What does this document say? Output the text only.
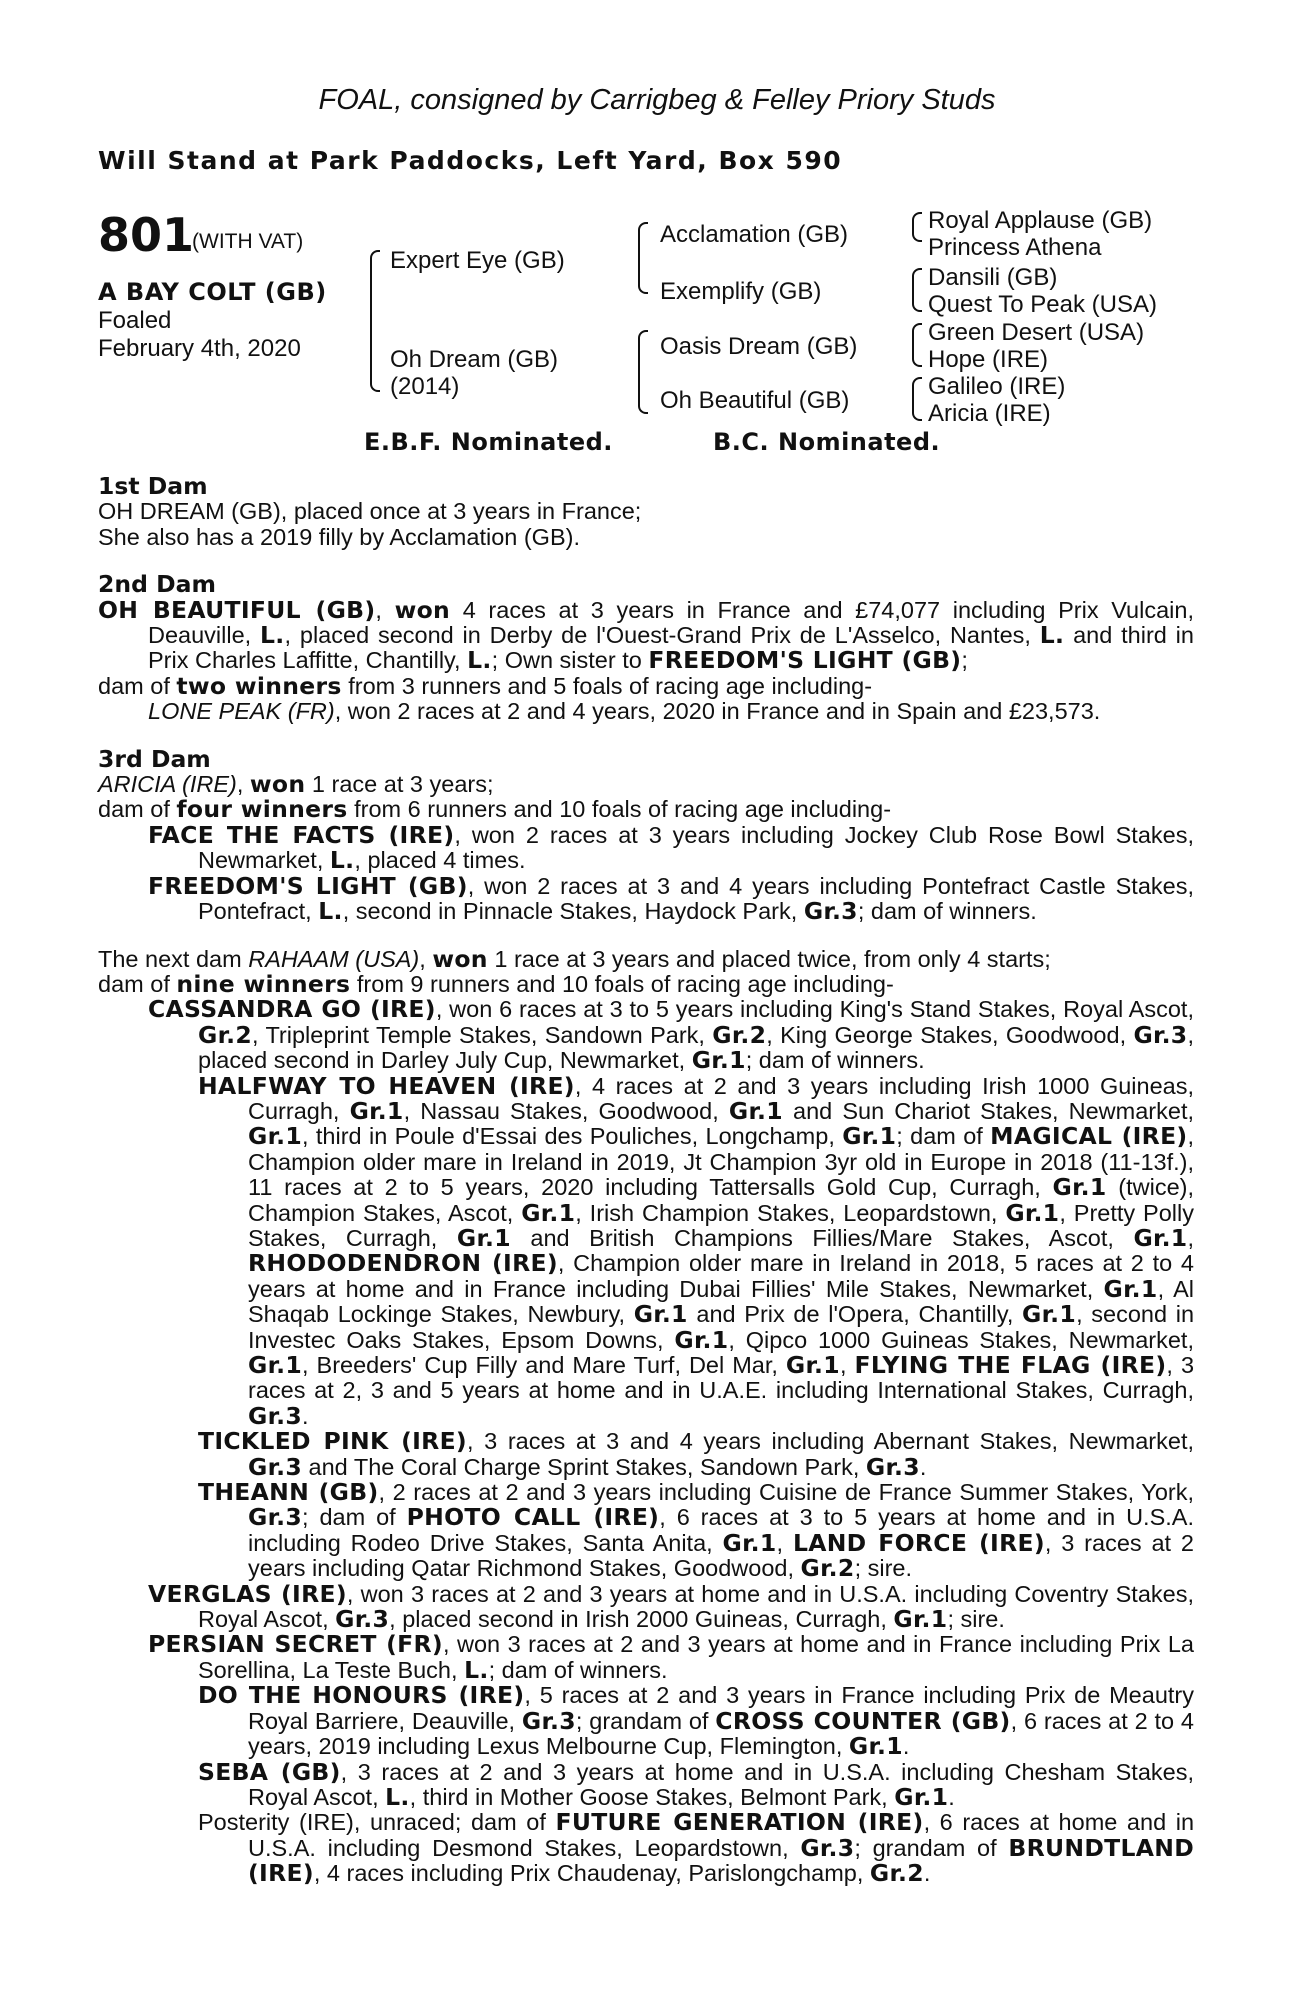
FOAL, consigned by Carrigbeg & Felley Priory Studs
Will Stand at Park Paddocks, Left Yard, Box 590
801
(WITH VAT)
A BAY COLT (GB)
Foaled
February 4th, 2020
Expert Eye (GB)
Oh Dream (GB)
(2014)
Acclamation (GB)
Exemplify (GB)
Oasis Dream (GB)
Oh Beautiful (GB)
Royal Applause (GB)
Princess Athena
Dansili (GB)
Quest To Peak (USA)
Green Desert (USA)
Hope (IRE)
Galileo (IRE)
Aricia (IRE)
E.B.F. Nominated.	B.C. Nominated.
1st Dam
OH DREAM (GB), placed once at 3 years in France;
She also has a 2019 filly by Acclamation (GB).
2nd Dam
OH BEAUTIFUL (GB), won 4 races at 3 years in France and £74,077 including Prix Vulcain, Deauville, L., placed second in Derby de l'Ouest-Grand Prix de L'Asselco, Nantes, L. and third in Prix Charles Laffitte, Chantilly, L.; Own sister to FREEDOM'S LIGHT (GB);
dam of two winners from 3 runners and 5 foals of racing age including-
LONE PEAK (FR), won 2 races at 2 and 4 years, 2020 in France and in Spain and £23,573.
3rd Dam
ARICIA (IRE), won 1 race at 3 years;
dam of four winners from 6 runners and 10 foals of racing age including-
FACE THE FACTS (IRE), won 2 races at 3 years including Jockey Club Rose Bowl Stakes, Newmarket, L., placed 4 times.
FREEDOM'S LIGHT (GB), won 2 races at 3 and 4 years including Pontefract Castle Stakes, Pontefract, L., second in Pinnacle Stakes, Haydock Park, Gr.3; dam of winners.
The next dam RAHAAM (USA), won 1 race at 3 years and placed twice, from only 4 starts;
dam of nine winners from 9 runners and 10 foals of racing age including-
CASSANDRA GO (IRE), won 6 races at 3 to 5 years including King's Stand Stakes, Royal Ascot, Gr.2, Tripleprint Temple Stakes, Sandown Park, Gr.2, King George Stakes, Goodwood, Gr.3, placed second in Darley July Cup, Newmarket, Gr.1; dam of winners.
HALFWAY TO HEAVEN (IRE), 4 races at 2 and 3 years including Irish 1000 Guineas, Curragh, Gr.1, Nassau Stakes, Goodwood, Gr.1 and Sun Chariot Stakes, Newmarket, Gr.1, third in Poule d'Essai des Pouliches, Longchamp, Gr.1; dam of MAGICAL (IRE), Champion older mare in Ireland in 2019, Jt Champion 3yr old in Europe in 2018 (11-13f.), 11 races at 2 to 5 years, 2020 including Tattersalls Gold Cup, Curragh, Gr.1 (twice), Champion Stakes, Ascot, Gr.1, Irish Champion Stakes, Leopardstown, Gr.1, Pretty Polly Stakes, Curragh, Gr.1 and British Champions Fillies/Mare Stakes, Ascot, Gr.1, RHODODENDRON (IRE), Champion older mare in Ireland in 2018, 5 races at 2 to 4 years at home and in France including Dubai Fillies' Mile Stakes, Newmarket, Gr.1, Al Shaqab Lockinge Stakes, Newbury, Gr.1 and Prix de l'Opera, Chantilly, Gr.1, second in Investec Oaks Stakes, Epsom Downs, Gr.1, Qipco 1000 Guineas Stakes, Newmarket, Gr.1, Breeders' Cup Filly and Mare Turf, Del Mar, Gr.1, FLYING THE FLAG (IRE), 3 races at 2, 3 and 5 years at home and in U.A.E. including International Stakes, Curragh, Gr.3.
TICKLED PINK (IRE), 3 races at 3 and 4 years including Abernant Stakes, Newmarket, Gr.3 and The Coral Charge Sprint Stakes, Sandown Park, Gr.3.
THEANN (GB), 2 races at 2 and 3 years including Cuisine de France Summer Stakes, York, Gr.3; dam of PHOTO CALL (IRE), 6 races at 3 to 5 years at home and in U.S.A. including Rodeo Drive Stakes, Santa Anita, Gr.1, LAND FORCE (IRE), 3 races at 2 years including Qatar Richmond Stakes, Goodwood, Gr.2; sire.
VERGLAS (IRE), won 3 races at 2 and 3 years at home and in U.S.A. including Coventry Stakes, Royal Ascot, Gr.3, placed second in Irish 2000 Guineas, Curragh, Gr.1; sire.
PERSIAN SECRET (FR), won 3 races at 2 and 3 years at home and in France including Prix La Sorellina, La Teste Buch, L.; dam of winners.
DO THE HONOURS (IRE), 5 races at 2 and 3 years in France including Prix de Meautry Royal Barriere, Deauville, Gr.3; grandam of CROSS COUNTER (GB), 6 races at 2 to 4 years, 2019 including Lexus Melbourne Cup, Flemington, Gr.1.
SEBA (GB), 3 races at 2 and 3 years at home and in U.S.A. including Chesham Stakes, Royal Ascot, L., third in Mother Goose Stakes, Belmont Park, Gr.1.
Posterity (IRE), unraced; dam of FUTURE GENERATION (IRE), 6 races at home and in U.S.A. including Desmond Stakes, Leopardstown, Gr.3; grandam of BRUNDTLAND (IRE), 4 races including Prix Chaudenay, Parislongchamp, Gr.2.
